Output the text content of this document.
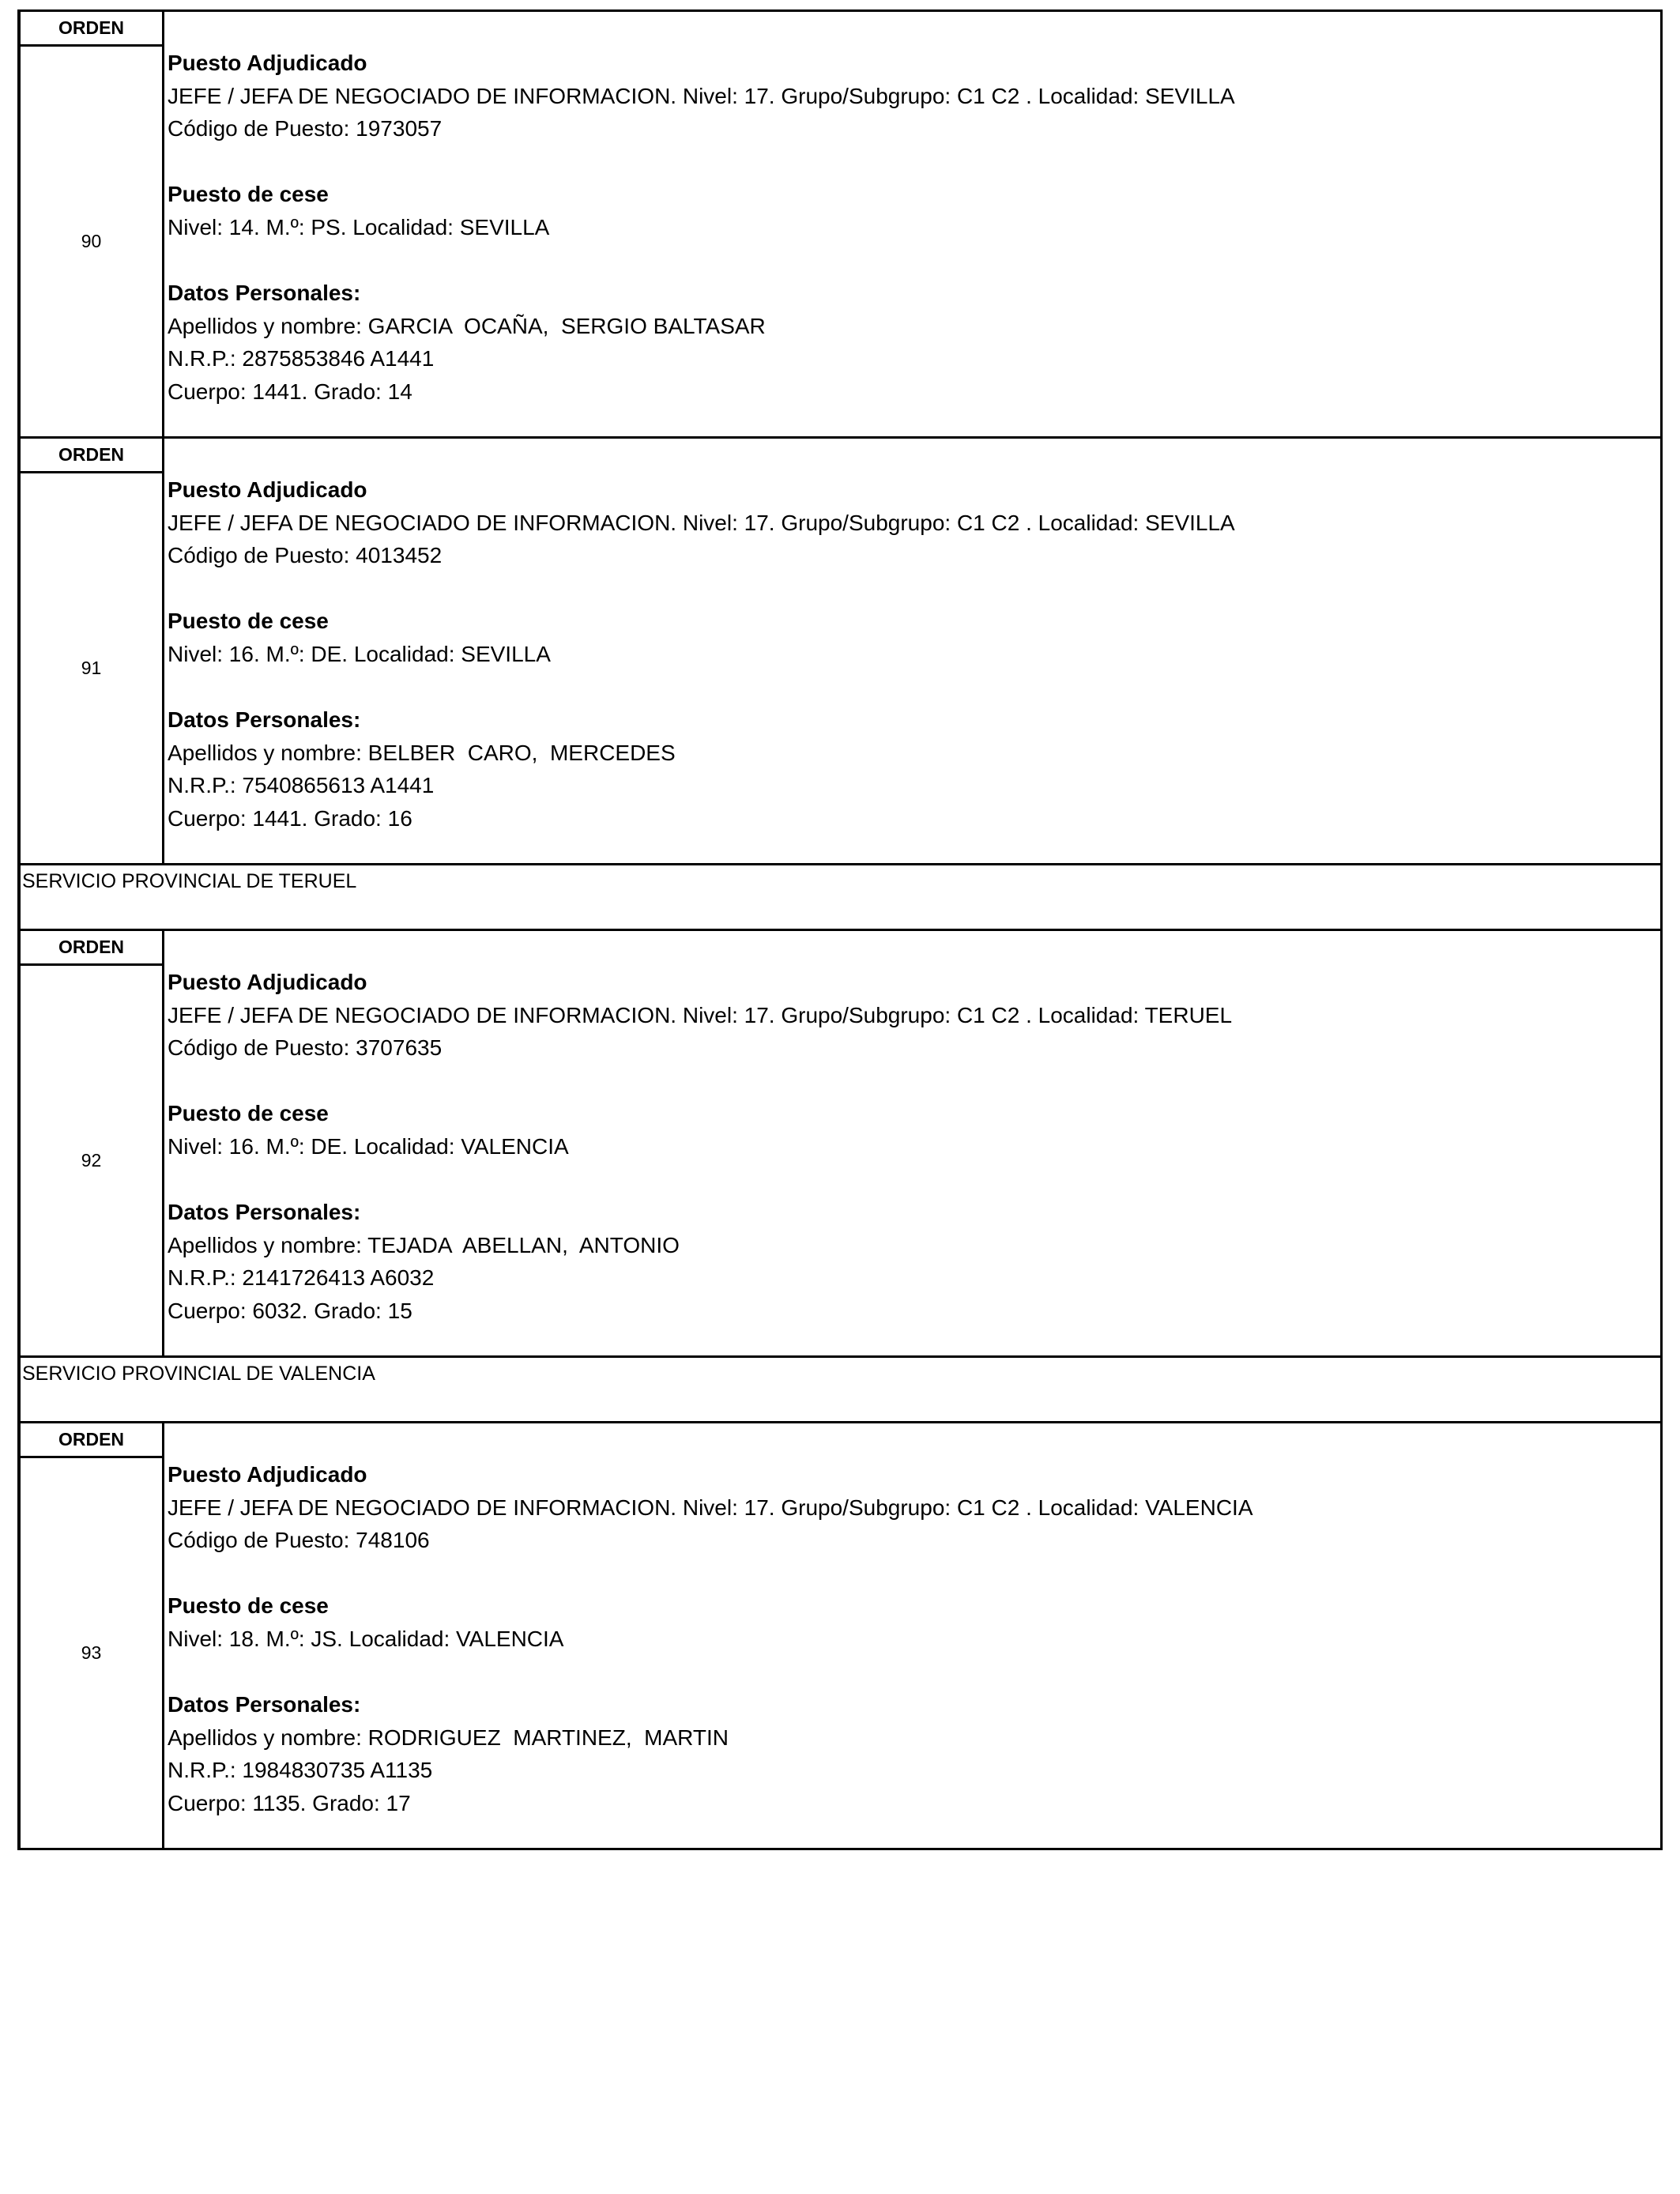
ORDEN
90
Puesto Adjudicado
JEFE / JEFA DE NEGOCIADO DE INFORMACION. Nivel: 17. Grupo/Subgrupo: C1 C2 . Localidad: SEVILLA
Código de Puesto: 1973057
Puesto de cese
Nivel: 14. M.º: PS. Localidad: SEVILLA
Datos Personales:
Apellidos y nombre: GARCIA  OCAÑA,  SERGIO BALTASAR
N.R.P.: 2875853846 A1441
Cuerpo: 1441. Grado: 14
ORDEN
91
Puesto Adjudicado
JEFE / JEFA DE NEGOCIADO DE INFORMACION. Nivel: 17. Grupo/Subgrupo: C1 C2 . Localidad: SEVILLA
Código de Puesto: 4013452
Puesto de cese
Nivel: 16. M.º: DE. Localidad: SEVILLA
Datos Personales:
Apellidos y nombre: BELBER  CARO,  MERCEDES
N.R.P.: 7540865613 A1441
Cuerpo: 1441. Grado: 16
SERVICIO PROVINCIAL DE TERUEL
ORDEN
92
Puesto Adjudicado
JEFE / JEFA DE NEGOCIADO DE INFORMACION. Nivel: 17. Grupo/Subgrupo: C1 C2 . Localidad: TERUEL
Código de Puesto: 3707635
Puesto de cese
Nivel: 16. M.º: DE. Localidad: VALENCIA
Datos Personales:
Apellidos y nombre: TEJADA  ABELLAN,  ANTONIO
N.R.P.: 2141726413 A6032
Cuerpo: 6032. Grado: 15
SERVICIO PROVINCIAL DE VALENCIA
ORDEN
93
Puesto Adjudicado
JEFE / JEFA DE NEGOCIADO DE INFORMACION. Nivel: 17. Grupo/Subgrupo: C1 C2 . Localidad: VALENCIA
Código de Puesto: 748106
Puesto de cese
Nivel: 18. M.º: JS. Localidad: VALENCIA
Datos Personales:
Apellidos y nombre: RODRIGUEZ  MARTINEZ,  MARTIN
N.R.P.: 1984830735 A1135
Cuerpo: 1135. Grado: 17
